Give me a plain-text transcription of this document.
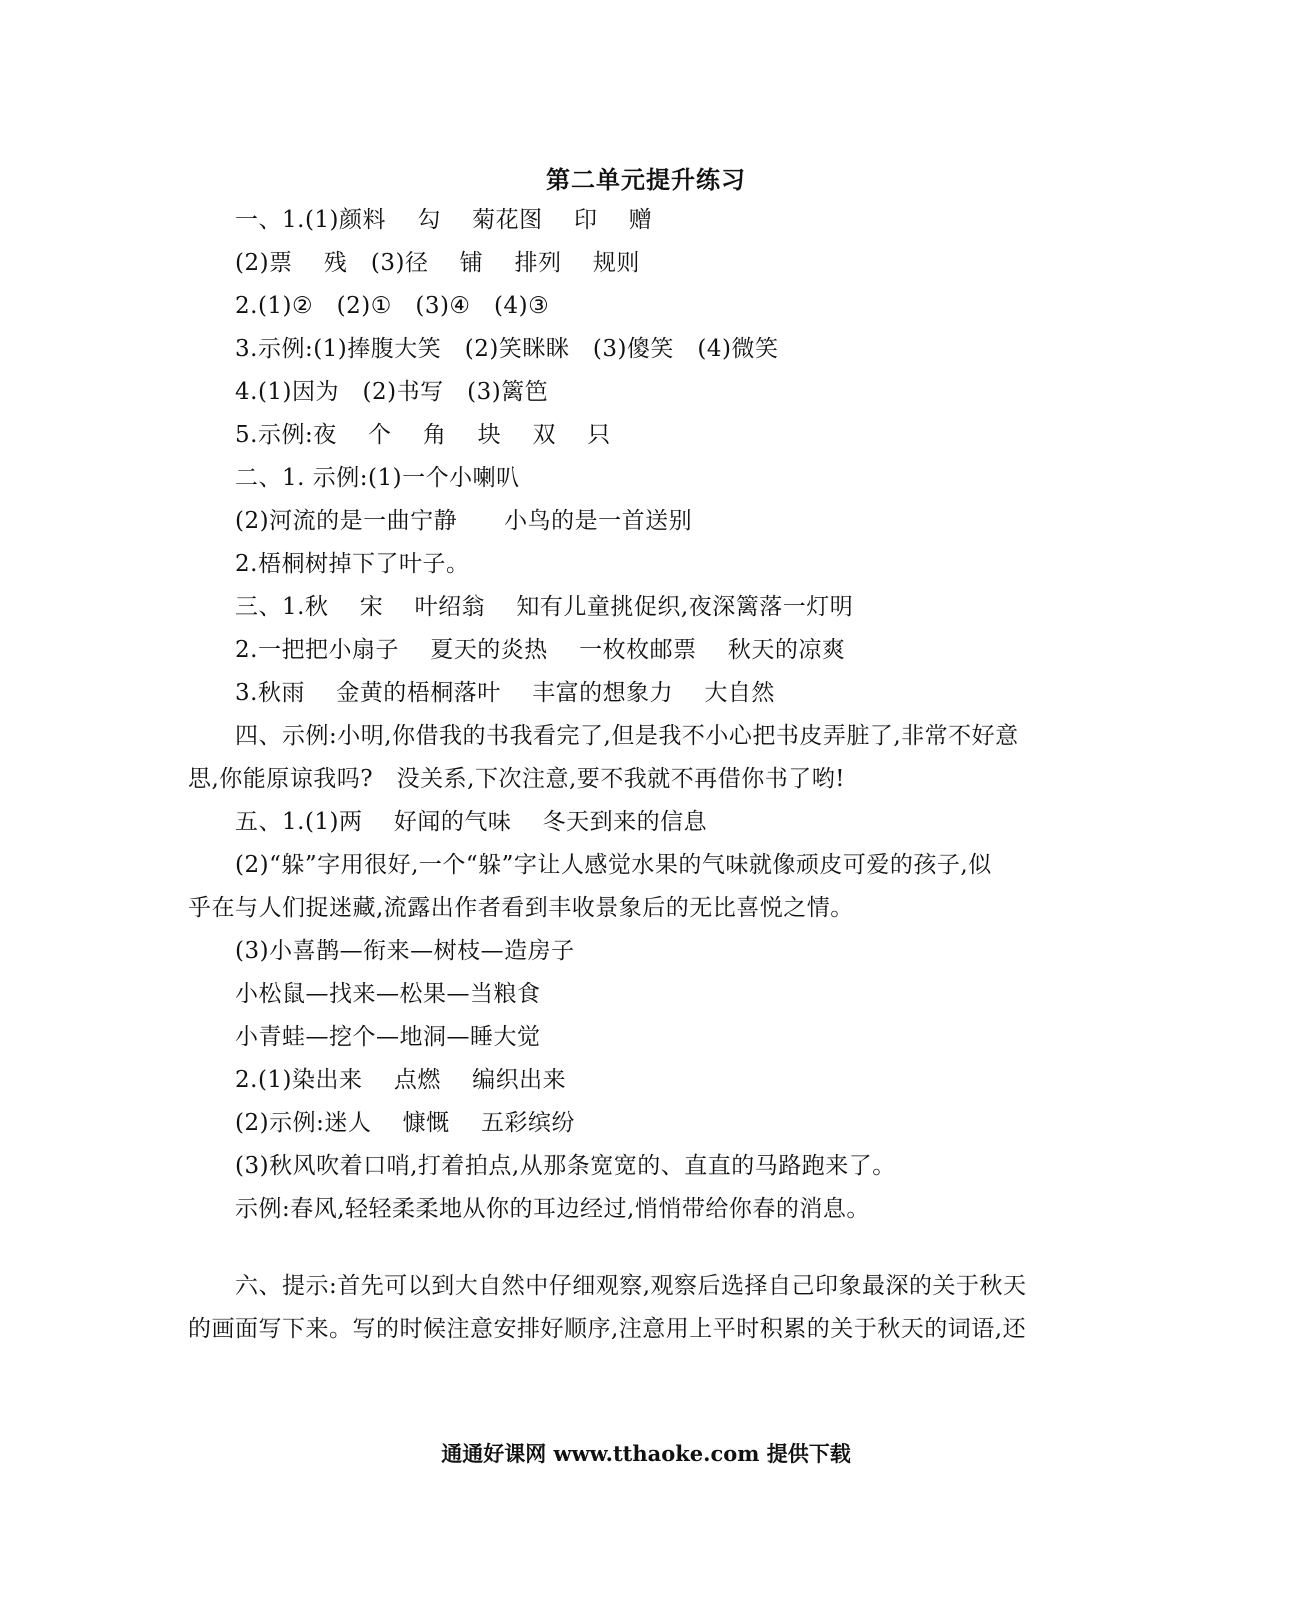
第二单元提升练习
一、1.(1)颜料　 勾　 菊花图　 印　 赠
(2)票　 残　(3)径　 铺　 排列　 规则
2.(1)②　(2)①　(3)④　(4)③
3.示例:(1)捧腹大笑　(2)笑眯眯　(3)傻笑　(4)微笑
4.(1)因为　(2)书写　(3)篱笆
5.示例:夜　 个　 角　 块　 双　 只
二、1. 示例:(1)一个小喇叭
(2)河流的是一曲宁静　　小鸟的是一首送别
2.梧桐树掉下了叶子。
三、1.秋　 宋　 叶绍翁　 知有儿童挑促织,夜深篱落一灯明
2.一把把小扇子　 夏天的炎热　 一枚枚邮票　 秋天的凉爽
3.秋雨　 金黄的梧桐落叶　 丰富的想象力　 大自然
四、示例:小明,你借我的书我看完了,但是我不小心把书皮弄脏了,非常不好意
思,你能原谅我吗?　没关系,下次注意,要不我就不再借你书了哟!
五、1.(1)两　 好闻的气味　 冬天到来的信息
(2)“躲”字用很好,一个“躲”字让人感觉水果的气味就像顽皮可爱的孩子,似
乎在与人们捉迷藏,流露出作者看到丰收景象后的无比喜悦之情。
(3)小喜鹊—衔来—树枝—造房子
小松鼠—找来—松果—当粮食
小青蛙—挖个—地洞—睡大觉
2.(1)染出来　 点燃　 编织出来
(2)示例:迷人　 慷慨　 五彩缤纷
(3)秋风吹着口哨,打着拍点,从那条宽宽的、直直的马路跑来了。
示例:春风,轻轻柔柔地从你的耳边经过,悄悄带给你春的消息。
六、提示:首先可以到大自然中仔细观察,观察后选择自己印象最深的关于秋天
的画面写下来。写的时候注意安排好顺序,注意用上平时积累的关于秋天的词语,还
通通好课网 www.tthaoke.com 提供下载
